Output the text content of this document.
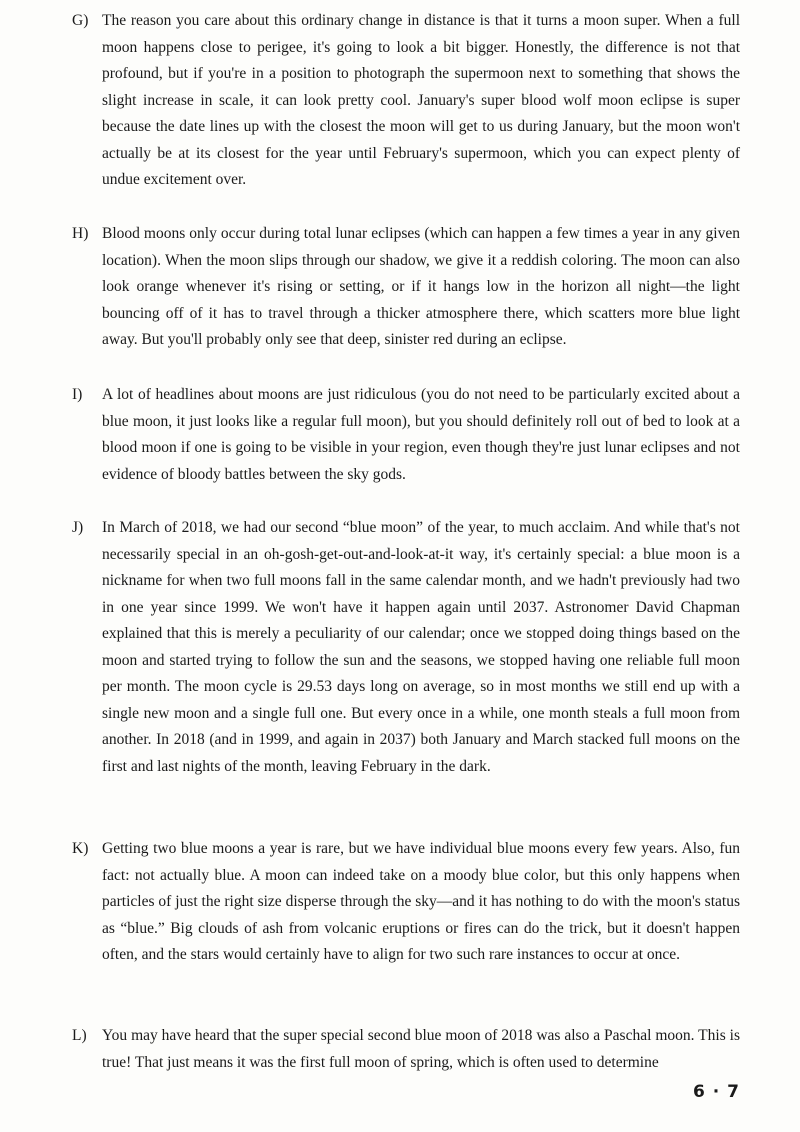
G) The reason you care about this ordinary change in distance is that it turns a moon super. When a full moon happens close to perigee, it's going to look a bit bigger. Honestly, the difference is not that profound, but if you're in a position to photograph the supermoon next to something that shows the slight increase in scale, it can look pretty cool. January's super blood wolf moon eclipse is super because the date lines up with the closest the moon will get to us during January, but the moon won't actually be at its closest for the year until February's supermoon, which you can expect plenty of undue excitement over.

H) Blood moons only occur during total lunar eclipses (which can happen a few times a year in any given location). When the moon slips through our shadow, we give it a reddish coloring. The moon can also look orange whenever it's rising or setting, or if it hangs low in the horizon all night—the light bouncing off of it has to travel through a thicker atmosphere there, which scatters more blue light away. But you'll probably only see that deep, sinister red during an eclipse.

I)	A lot of headlines about moons are just ridiculous (you do not need to be particularly excited about a blue moon, it just looks like a regular full moon), but you should definitely roll out of bed to look at a blood moon if one is going to be visible in your region, even though they're just lunar eclipses and not evidence of bloody battles between the sky gods.

J)	In March of 2018, we had our second “blue moon” of the year, to much acclaim. And while that's not necessarily special in an oh-gosh-get-out-and-look-at-it way, it's certainly special: a blue moon is a nickname for when two full moons fall in the same calendar month, and we hadn't previously had two in one year since 1999. We won't have it happen again until 2037. Astronomer David Chapman explained that this is merely a peculiarity of our calendar; once we stopped doing things based on the moon and started trying to follow the sun and the seasons, we stopped having one reliable full moon per month. The moon cycle is 29.53 days long on average, so in most months we still end up with a single new moon and a single full one. But every once in a while, one month steals a full moon from another. In 2018 (and in 1999, and again in 2037) both January and March stacked full moons on the first and last nights of the month, leaving February in the dark.

K) Getting two blue moons a year is rare, but we have individual blue moons every few years. Also, fun fact: not actually blue. A moon can indeed take on a moody blue color, but this only happens when particles of just the right size disperse through the sky—and it has nothing to do with the moon's status as “blue.” Big clouds of ash from volcanic eruptions or fires can do the trick, but it doesn't happen often, and the stars would certainly have to align for two such rare instances to occur at once.

L) You may have heard that the super special second blue moon of 2018 was also a Paschal moon. This is true! That just means it was the first full moon of spring, which is often used to determine

6 · 7
